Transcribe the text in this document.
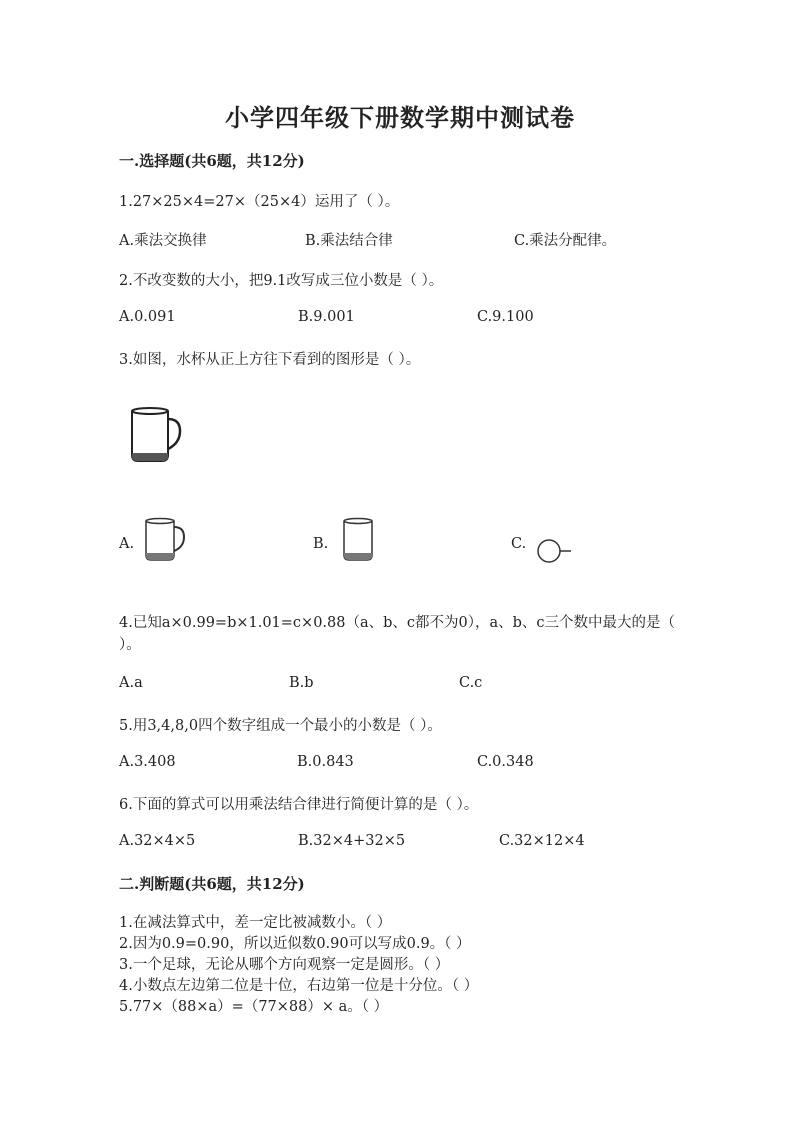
小学四年级下册数学期中测试卷
一.选择题(共6题，共12分)
1.27×25×4=27×（25×4）运用了（ ）。
A.乘法交换律	B.乘法结合律	C.乘法分配律。
2.不改变数的大小，把9.1改写成三位小数是（ ）。
A.0.091	B.9.001	C.9.100
3.如图，水杯从正上方往下看到的图形是（ ）。
A.	B.	C.
4.已知a×0.99=b×1.01=c×0.88（a、b、c都不为0），a、b、c三个数中最大的是（ ）。
A.a	B.b	C.c
5.用3,4,8,0四个数字组成一个最小的小数是（ ）。
A.3.408	B.0.843	C.0.348
6.下面的算式可以用乘法结合律进行简便计算的是（ ）。
A.32×4×5	B.32×4+32×5	C.32×12×4
二.判断题(共6题，共12分)
1.在减法算式中，差一定比被减数小。（ ）
2.因为0.9=0.90，所以近似数0.90可以写成0.9。（ ）
3.一个足球，无论从哪个方向观察一定是圆形。（ ）
4.小数点左边第二位是十位，右边第一位是十分位。（ ）
5.77×（88×a）=（77×88）× a。（ ）
